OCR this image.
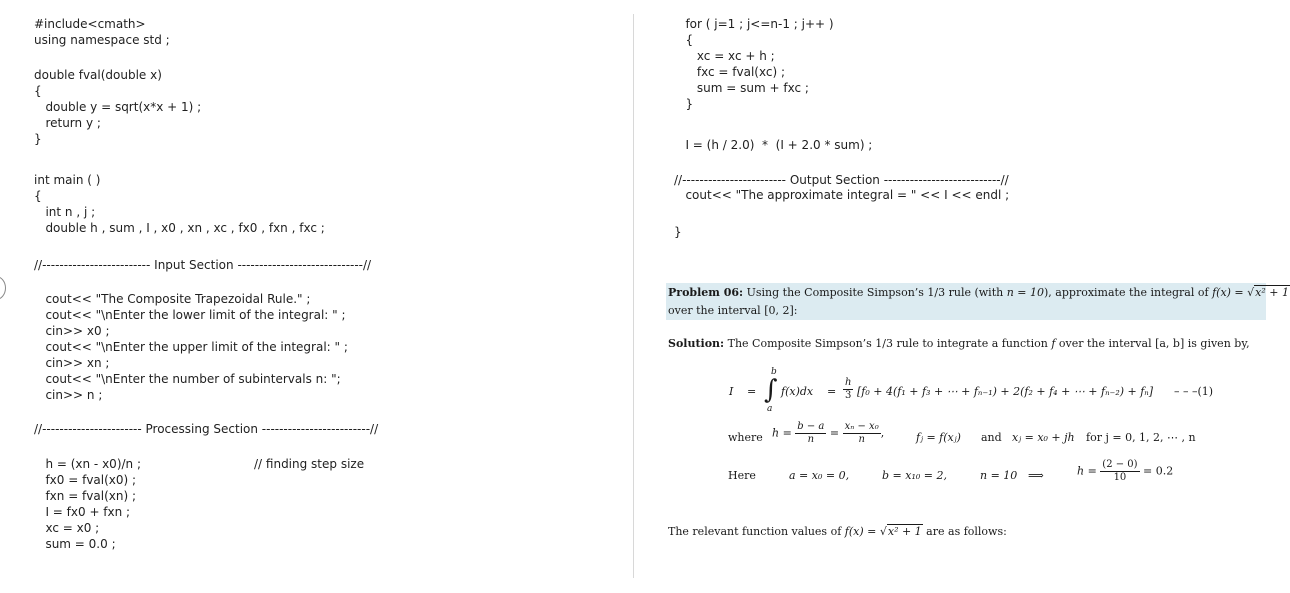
#include<cmath>
using namespace std ;
double fval(double x)
{
double y = sqrt(x*x + 1) ;
return y ;
}
int main ( )
{
int n , j ;
double h , sum , I , x0 , xn , xc , fx0 , fxn , fxc ;
//------------------------- Input Section -----------------------------//
cout<< "The Composite Trapezoidal Rule." ;
cout<< "\nEnter the lower limit of the integral: " ;
cin>> x0 ;
cout<< "\nEnter the upper limit of the integral: " ;
cin>> xn ;
cout<< "\nEnter the number of subintervals n: ";
cin>> n ;
//----------------------- Processing Section -------------------------//
h = (xn - x0)/n ;
fx0 = fval(x0) ;
fxn = fval(xn) ;
I = fx0 + fxn ;
xc = x0 ;
sum = 0.0 ;
// finding step size
for ( j=1 ; j<=n-1 ; j++ )
{
xc = xc + h ;
fxc = fval(xc) ;
sum = sum + fxc ;
}
I = (h / 2.0)  *  (I + 2.0 * sum) ;
//------------------------ Output Section ---------------------------//
cout<< "The approximate integral = " << I << endl ;
}
Problem 06: Using the Composite Simpson’s 1/3 rule (with n = 10), approximate the integral of f(x) = √x² + 1
over the interval [0, 2]:
Solution: The Composite Simpson’s 1/3 rule to integrate a function f over the interval [a, b] is given by,
I =
b
∫
a
$f(x)dx = \frac{h}{3} [f_0 + 4(f_1 + f_3$ + ⋯ + fₙ₋₁) + 2(f₂ + f₄ + ⋯ + fₙ₋₂) + fₙ] – – –(1)
where $h = \frac{b - a}{n} = \frac{\text{xₙ − x₀}}{n}$ ,	fⱼ = f(xⱼ) and xⱼ = x₀ + jh for j = 0, 1, 2, ⋯ , n
Here	a = x₀ = 0,	b = x₁₀ = 2,	n = 10 ⟹	$h = \frac{(2 - 0)}{10} = 0.2$
The relevant function values of f(x) = √x² + 1 are as follows:
